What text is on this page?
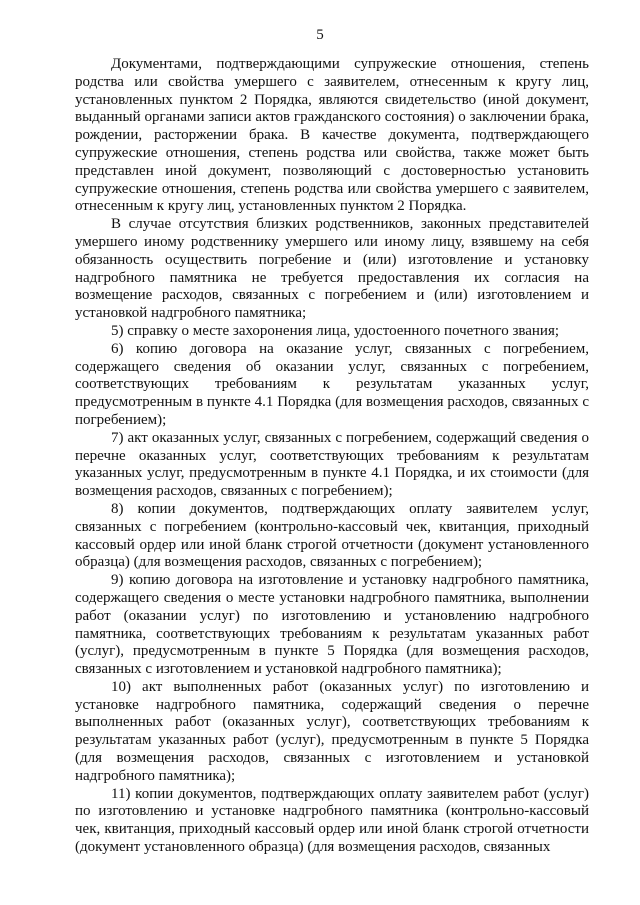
5

Документами, подтверждающими супружеские отношения, степень родства или свойства умершего с заявителем, отнесенным к кругу лиц, установленных пунктом 2 Порядка, являются свидетельство (иной документ, выданный органами записи актов гражданского состояния) о заключении брака, рождении, расторжении брака. В качестве документа, подтверждающего супружеские отношения, степень родства или свойства, также может быть представлен иной документ, позволяющий с достоверностью установить супружеские отношения, степень родства или свойства умершего с заявителем, отнесенным к кругу лиц, установленных пунктом 2 Порядка.

В случае отсутствия близких родственников, законных представителей умершего иному родственнику умершего или иному лицу, взявшему на себя обязанность осуществить погребение и (или) изготовление и установку надгробного памятника не требуется предоставления их согласия на возмещение расходов, связанных с погребением и (или) изготовлением и установкой надгробного памятника;

5) справку о месте захоронения лица, удостоенного почетного звания;

6) копию договора на оказание услуг, связанных с погребением, содержащего сведения об оказании услуг, связанных с погребением, соответствующих требованиям к результатам указанных услуг, предусмотренным в пункте 4.1 Порядка (для возмещения расходов, связанных с погребением);

7) акт оказанных услуг, связанных с погребением, содержащий сведения о перечне оказанных услуг, соответствующих требованиям к результатам указанных услуг, предусмотренным в пункте 4.1 Порядка, и их стоимости (для возмещения расходов, связанных с погребением);

8) копии документов, подтверждающих оплату заявителем услуг, связанных с погребением (контрольно-кассовый чек, квитанция, приходный кассовый ордер или иной бланк строгой отчетности (документ установленного образца) (для возмещения расходов, связанных с погребением);

9) копию договора на изготовление и установку надгробного памятника, содержащего сведения о месте установки надгробного памятника, выполнении работ (оказании услуг) по изготовлению и установлению надгробного памятника, соответствующих требованиям к результатам указанных работ (услуг), предусмотренным в пункте 5 Порядка (для возмещения расходов, связанных с изготовлением и установкой надгробного памятника);

10) акт выполненных работ (оказанных услуг) по изготовлению и установке надгробного памятника, содержащий сведения о перечне выполненных работ (оказанных услуг), соответствующих требованиям к результатам указанных работ (услуг), предусмотренным в пункте 5 Порядка (для возмещения расходов, связанных с изготовлением и установкой надгробного памятника);

11) копии документов, подтверждающих оплату заявителем работ (услуг) по изготовлению и установке надгробного памятника (контрольно-кассовый чек, квитанция, приходный кассовый ордер или иной бланк строгой отчетности (документ установленного образца) (для возмещения расходов, связанных
